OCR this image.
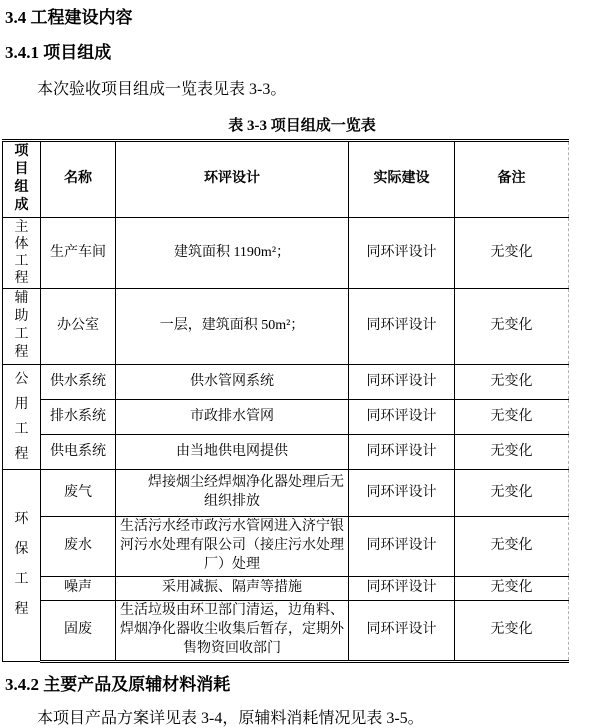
3.4 工程建设内容
3.4.1 项目组成

本次验收项目组成一览表见表 3-3。

表 3-3 项目组成一览表
项目组成	名称	环评设计	实际建设	备注

主体工程	生产车间	建筑面积 1190m²；	同环评设计	无变化

辅助工程	办公室	一层，建筑面积 50m²；	同环评设计	无变化

公用工程	供水系统	供水管网系统	同环评设计	无变化
	排水系统	市政排水管网	同环评设计	无变化
	供电系统	由当地供电网提供	同环评设计	无变化

环保工程	废气	焊接烟尘经焊烟净化器处理后无组织排放	同环评设计	无变化
	废水	生活污水经市政污水管网进入济宁银河污水处理有限公司（接庄污水处理厂）处理	同环评设计	无变化
	噪声	采用减振、隔声等措施	同环评设计	无变化
	固废	生活垃圾由环卫部门清运，边角料、焊烟净化器收尘收集后暂存，定期外售物资回收部门	同环评设计	无变化
3.4.2 主要产品及原辅材料消耗

本项目产品方案详见表 3-4，原辅料消耗情况见表 3-5。
